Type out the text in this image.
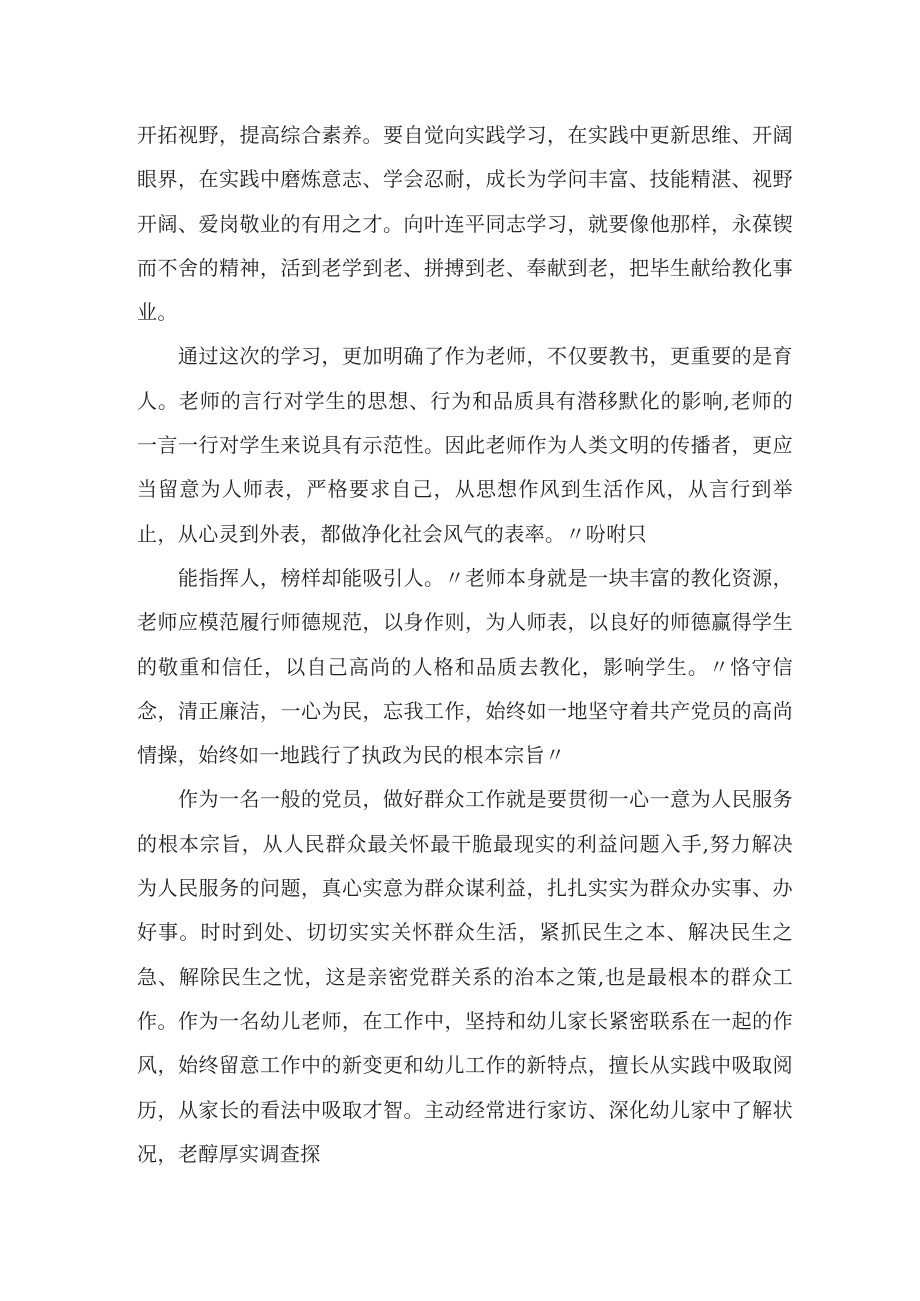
开拓视野，提高综合素养。要自觉向实践学习，在实践中更新思维、开阔眼界，在实践中磨炼意志、学会忍耐，成长为学问丰富、技能精湛、视野开阔、爱岗敬业的有用之才。向叶连平同志学习，就要像他那样，永葆锲而不舍的精神，活到老学到老、拼搏到老、奉献到老，把毕生献给教化事业。

通过这次的学习，更加明确了作为老师，不仅要教书，更重要的是育人。老师的言行对学生的思想、行为和品质具有潜移默化的影响,老师的一言一行对学生来说具有示范性。因此老师作为人类文明的传播者，更应当留意为人师表，严格要求自己，从思想作风到生活作风，从言行到举止，从心灵到外表，都做净化社会风气的表率。〃吩咐只

能指挥人，榜样却能吸引人。〃老师本身就是一块丰富的教化资源，老师应模范履行师德规范，以身作则，为人师表，以良好的师德赢得学生的敬重和信任，以自己高尚的人格和品质去教化，影响学生。〃恪守信念，清正廉洁，一心为民，忘我工作，始终如一地坚守着共产党员的高尚情操，始终如一地践行了执政为民的根本宗旨〃

作为一名一般的党员，做好群众工作就是要贯彻一心一意为人民服务的根本宗旨，从人民群众最关怀最干脆最现实的利益问题入手,努力解决为人民服务的问题，真心实意为群众谋利益，扎扎实实为群众办实事、办好事。时时到处、切切实实关怀群众生活，紧抓民生之本、解决民生之急、解除民生之忧，这是亲密党群关系的治本之策,也是最根本的群众工作。作为一名幼儿老师，在工作中，坚持和幼儿家长紧密联系在一起的作风，始终留意工作中的新变更和幼儿工作的新特点，擅长从实践中吸取阅历，从家长的看法中吸取才智。主动经常进行家访、深化幼儿家中了解状况，老醇厚实调查探
